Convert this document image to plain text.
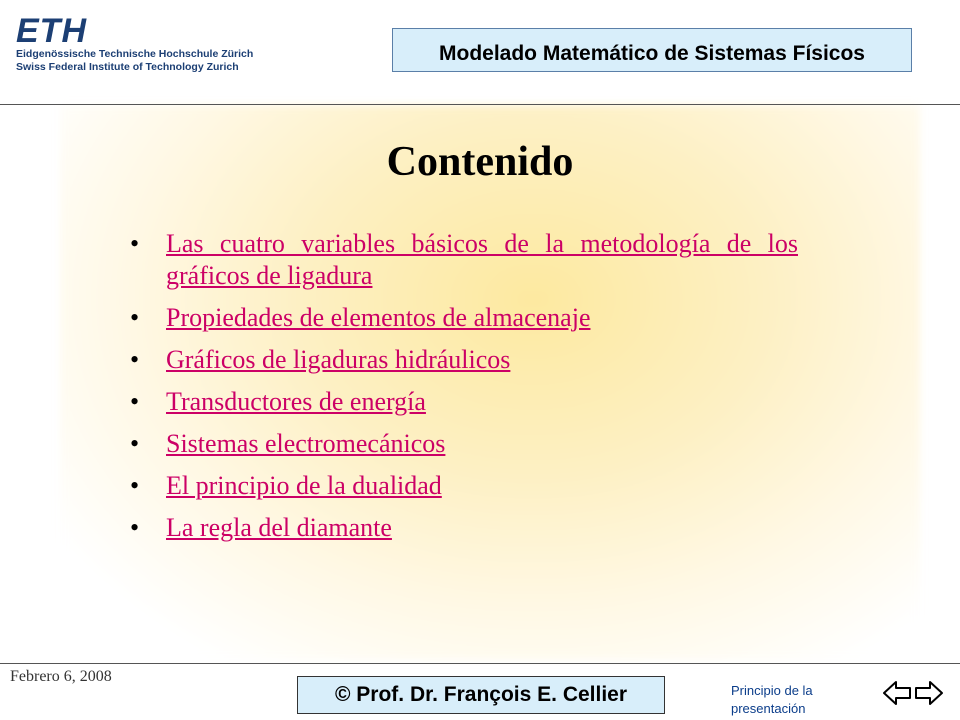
ETH
Eidgenössische Technische Hochschule Zürich
Swiss Federal Institute of Technology Zurich
Modelado Matemático de Sistemas Físicos
Contenido
• Las cuatro variables básicos de la metodología de los gráficos de ligadura
• Propiedades de elementos de almacenaje
• Gráficos de ligaduras hidráulicos
• Transductores de energía
• Sistemas electromecánicos
• El principio de la dualidad
• La regla del diamante
Febrero 6, 2008
© Prof. Dr. François E. Cellier	Principio de la presentación
